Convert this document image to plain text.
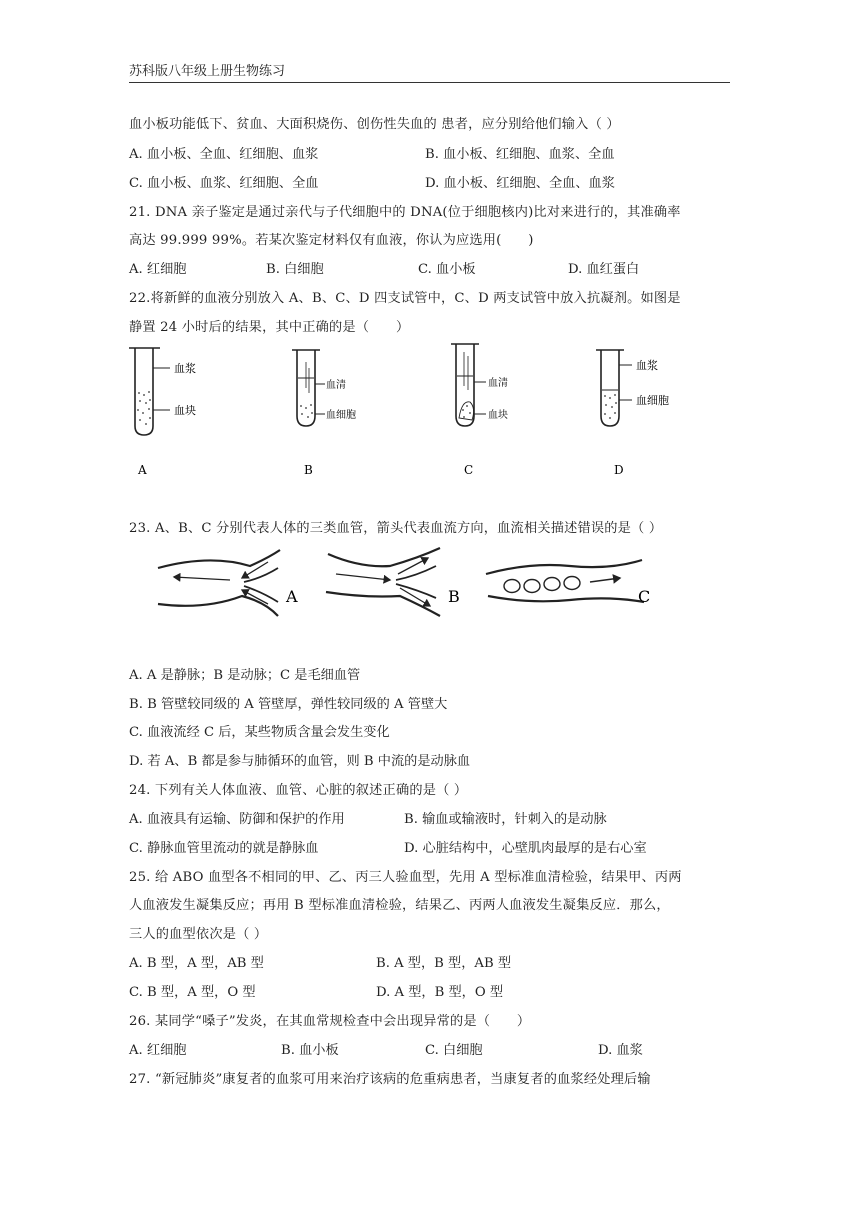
苏科版八年级上册生物练习
血小板功能低下、贫血、大面积烧伤、创伤性失血的 患者，应分别给他们输入（ ）
A. 血小板、全血、红细胞、血浆	B. 血小板、红细胞、血浆、全血
C. 血小板、血浆、红细胞、全血	D. 血小板、红细胞、全血、血浆
21. DNA 亲子鉴定是通过亲代与子代细胞中的 DNA(位于细胞核内)比对来进行的，其准确率
高达 99.999 99%。若某次鉴定材料仅有血液，你认为应选用(　　)
A. 红细胞	B. 白细胞	C. 血小板	D. 血红蛋白
22.将新鲜的血液分别放入 A、B、C、D 四支试管中，C、D 两支试管中放入抗凝剂。如图是
静置 24 小时后的结果，其中正确的是（　　）
血浆
血块
A
血清
血细胞
B
血清
血块
C
血浆
血细胞
D
23. A、B、C 分别代表人体的三类血管，箭头代表血流方向，血流相关描述错误的是（ ）
A	B	C
A. A 是静脉；B 是动脉；C 是毛细血管
B. B 管壁较同级的 A 管壁厚，弹性较同级的 A 管壁大
C. 血液流经 C 后，某些物质含量会发生变化
D. 若 A、B 都是参与肺循环的血管，则 B 中流的是动脉血
24. 下列有关人体血液、血管、心脏的叙述正确的是（ ）
A. 血液具有运输、防御和保护的作用	B. 输血或输液时，针刺入的是动脉
C. 静脉血管里流动的就是静脉血	D. 心脏结构中，心壁肌肉最厚的是右心室
25. 给 ABO 血型各不相同的甲、乙、丙三人验血型，先用 A 型标准血清检验，结果甲、丙两
人血液发生凝集反应；再用 B 型标准血清检验，结果乙、丙两人血液发生凝集反应．那么，
三人的血型依次是（ ）
A. B 型，A 型，AB 型	B. A 型，B 型，AB 型
C. B 型，A 型，O 型	D. A 型，B 型，O 型
26. 某同学“嗓子”发炎，在其血常规检查中会出现异常的是（　　）
A. 红细胞	B. 血小板	C. 白细胞	D. 血浆
27. “新冠肺炎”康复者的血浆可用来治疗该病的危重病患者，当康复者的血浆经处理后输
